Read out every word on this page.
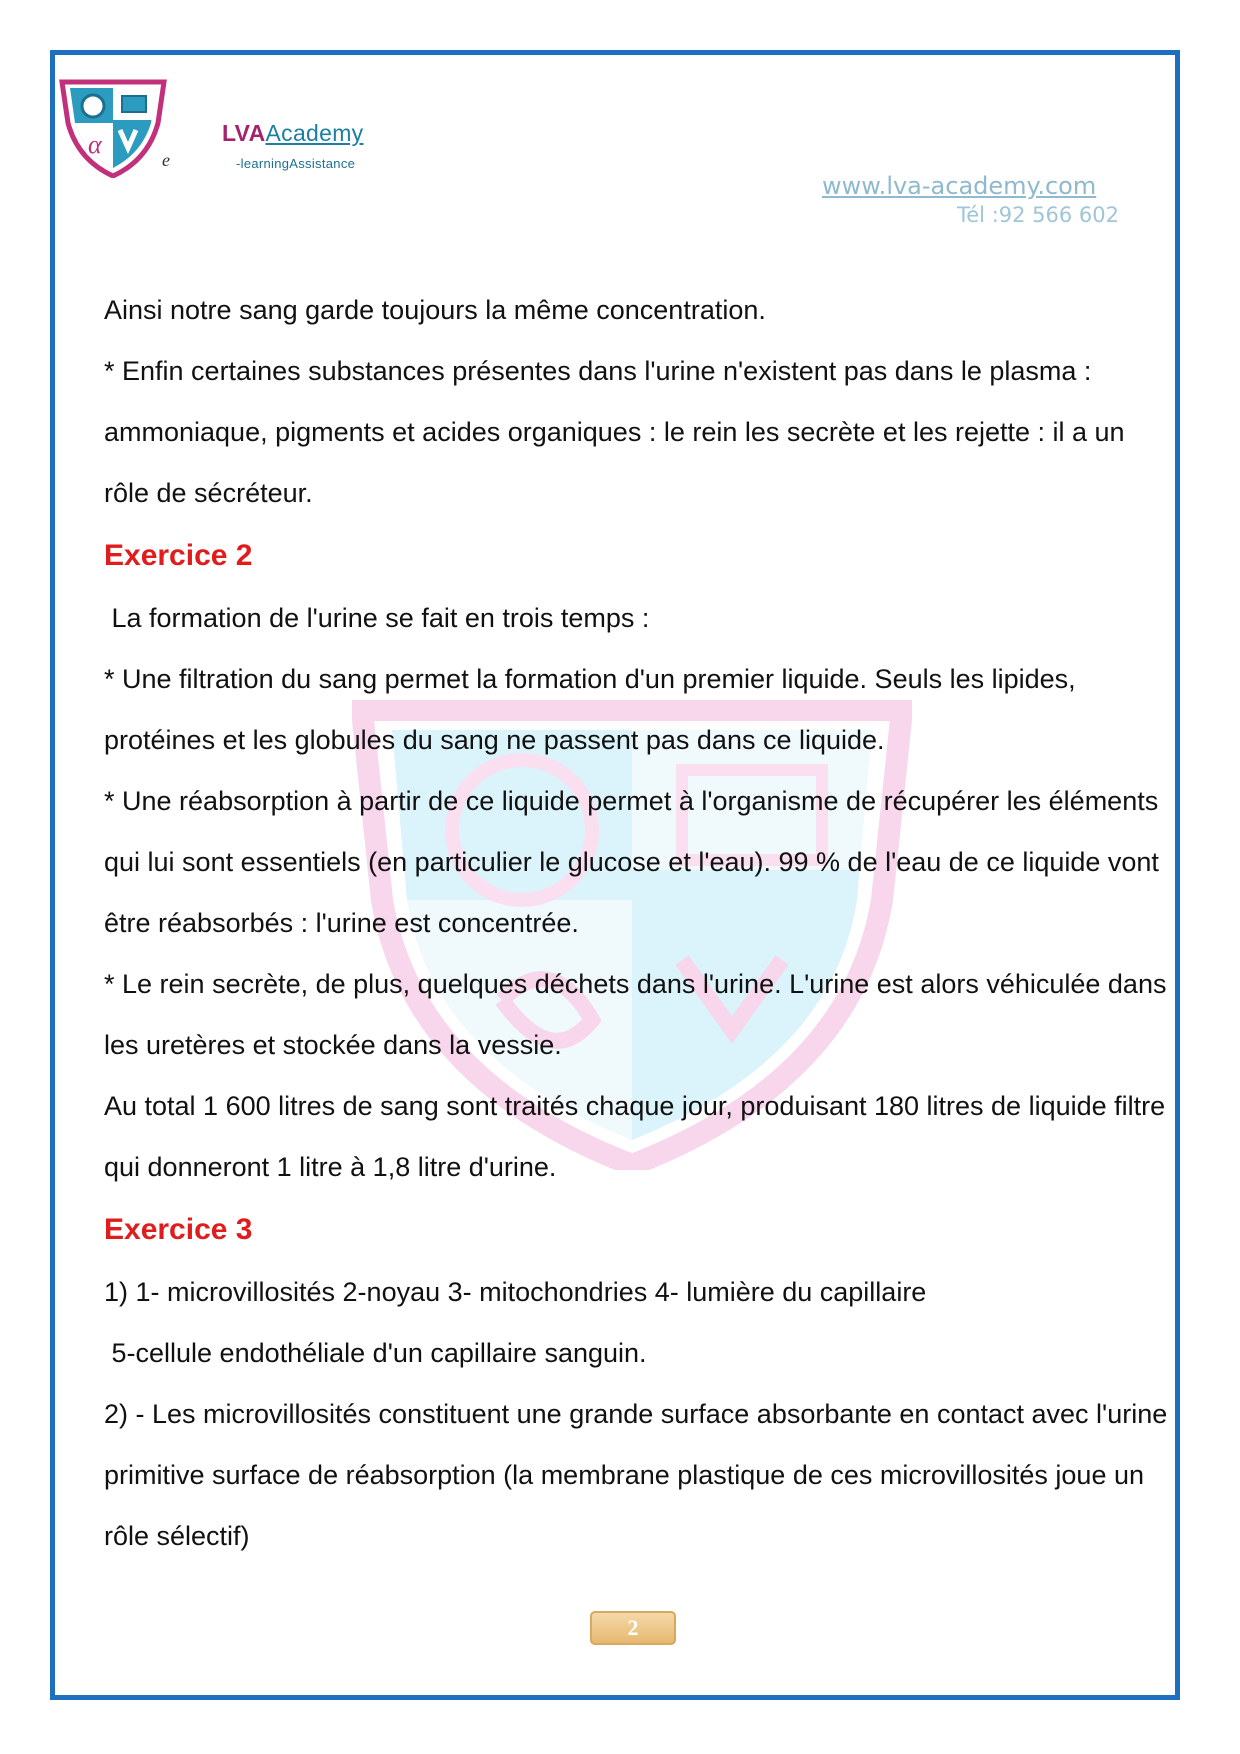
α
e
LVAAcademy
-learningAssistance
www.lva-academy.com
Tél :92 566 602

Ainsi notre sang garde toujours la même concentration.

* Enfin certaines substances présentes dans l'urine n'existent pas dans le plasma : ammoniaque, pigments et acides organiques : le rein les secrète et les rejette : il a un rôle de sécréteur.

Exercice 2

La formation de l'urine se fait en trois temps :

* Une filtration du sang permet la formation d'un premier liquide. Seuls les lipides, protéines et les globules du sang ne passent pas dans ce liquide.

* Une réabsorption à partir de ce liquide permet à l'organisme de récupérer les éléments qui lui sont essentiels (en particulier le glucose et l'eau). 99 % de l'eau de ce liquide vont être réabsorbés : l'urine est concentrée.

* Le rein secrète, de plus, quelques déchets dans l'urine. L'urine est alors véhiculée dans les uretères et stockée dans la vessie.

Au total 1 600 litres de sang sont traités chaque jour, produisant 180 litres de liquide filtre qui donneront 1 litre à 1,8 litre d'urine.

Exercice 3

1) 1- microvillosités 2-noyau 3- mitochondries 4- lumière du capillaire

5-cellule endothéliale d'un capillaire sanguin.

2) - Les microvillosités constituent une grande surface absorbante en contact avec l'urine primitive surface de réabsorption (la membrane plastique de ces microvillosités joue un rôle sélectif)

2
